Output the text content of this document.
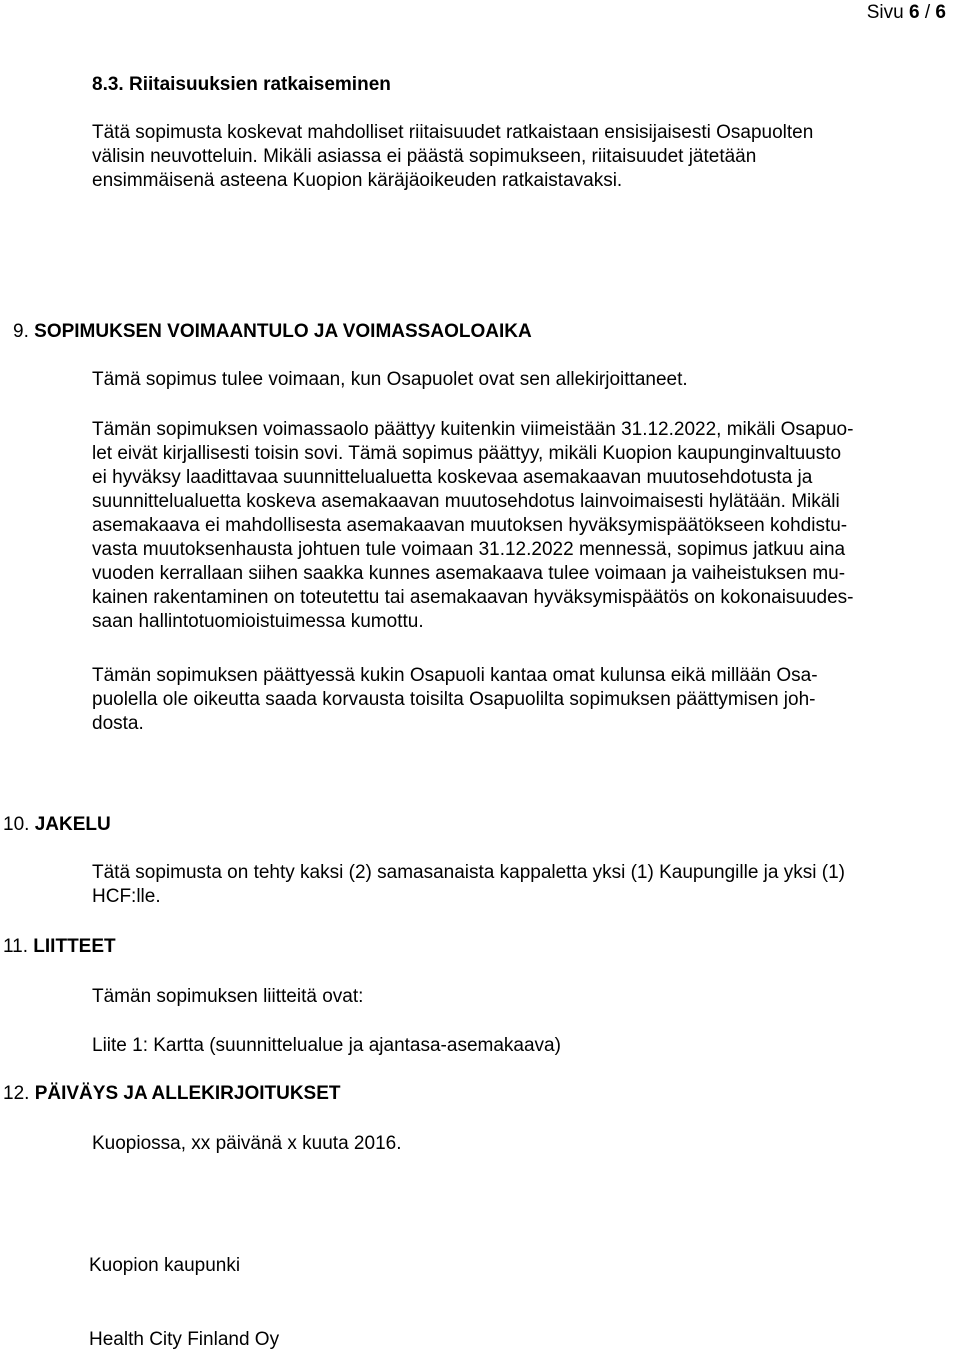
Sivu 6 / 6
8.3. Riitaisuuksien ratkaiseminen
Tätä sopimusta koskevat mahdolliset riitaisuudet ratkaistaan ensisijaisesti Osapuolten
välisin neuvotteluin. Mikäli asiassa ei päästä sopimukseen, riitaisuudet jätetään
ensimmäisenä asteena Kuopion käräjäoikeuden ratkaistavaksi.
9. SOPIMUKSEN VOIMAANTULO JA VOIMASSAOLOAIKA
Tämä sopimus tulee voimaan, kun Osapuolet ovat sen allekirjoittaneet.
Tämän sopimuksen voimassaolo päättyy kuitenkin viimeistään 31.12.2022, mikäli Osapuo-
let eivät kirjallisesti toisin sovi. Tämä sopimus päättyy, mikäli Kuopion kaupunginvaltuusto
ei hyväksy laadittavaa suunnittelualuetta koskevaa asemakaavan muutosehdotusta ja
suunnittelualuetta koskeva asemakaavan muutosehdotus lainvoimaisesti hylätään. Mikäli
asemakaava ei mahdollisesta asemakaavan muutoksen hyväksymispäätökseen kohdistu-
vasta muutoksenhausta johtuen tule voimaan 31.12.2022 mennessä, sopimus jatkuu aina
vuoden kerrallaan siihen saakka kunnes asemakaava tulee voimaan ja vaiheistuksen mu-
kainen rakentaminen on toteutettu tai asemakaavan hyväksymispäätös on kokonaisuudes-
saan hallintotuomioistuimessa kumottu.
Tämän sopimuksen päättyessä kukin Osapuoli kantaa omat kulunsa eikä millään Osa-
puolella ole oikeutta saada korvausta toisilta Osapuolilta sopimuksen päättymisen joh-
dosta.
10. JAKELU
Tätä sopimusta on tehty kaksi (2) samasanaista kappaletta yksi (1) Kaupungille ja yksi (1)
HCF:lle.
11. LIITTEET
Tämän sopimuksen liitteitä ovat:
Liite 1: Kartta (suunnittelualue ja ajantasa-asemakaava)
12. PÄIVÄYS JA ALLEKIRJOITUKSET
Kuopiossa, xx päivänä x kuuta 2016.
Kuopion kaupunki
Health City Finland Oy
